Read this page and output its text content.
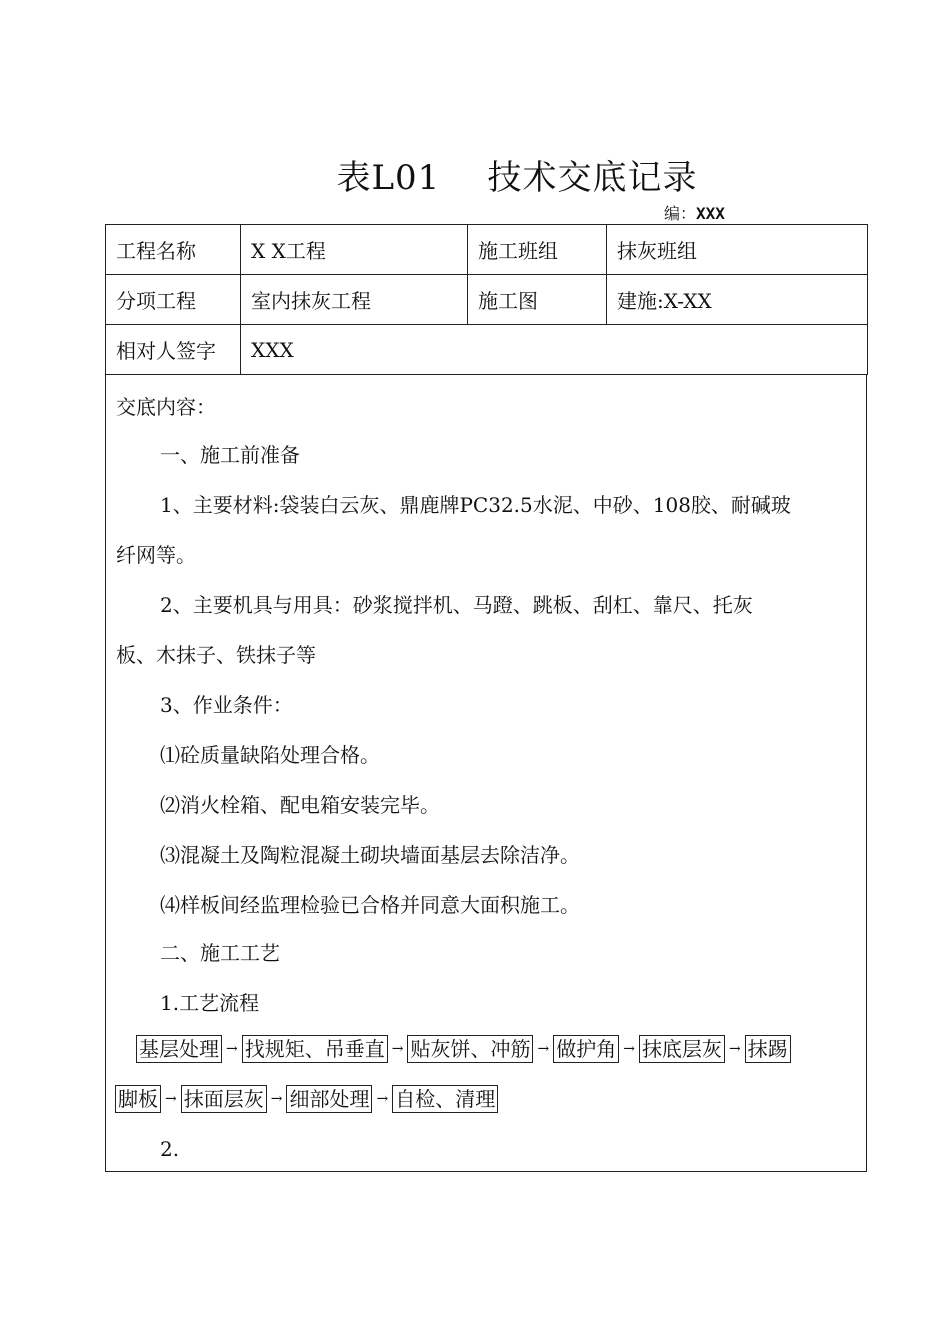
表L01    技术交底记录
编：XXX
工程名称	X X工程	施工班组	抹灰班组
分项工程	室内抹灰工程	施工图	建施:X-XX
相对人签字	XXX		
交底内容：
一、施工前准备
1、主要材料:袋装白云灰、鼎鹿牌PC32.5水泥、中砂、108胶、耐碱玻
纤网等。
2、主要机具与用具：砂浆搅拌机、马蹬、跳板、刮杠、靠尺、托灰
板、木抹子、铁抹子等
3、作业条件：
⑴砼质量缺陷处理合格。
⑵消火栓箱、配电箱安装完毕。
⑶混凝土及陶粒混凝土砌块墙面基层去除洁净。
⑷样板间经监理检验已合格并同意大面积施工。
二、施工工艺
1.工艺流程
基层处理 → 找规矩、吊垂直 → 贴灰饼、冲筋 → 做护角 → 抹底层灰 → 抹踢
脚板 → 抹面层灰 → 细部处理 → 自检、清理
2.
